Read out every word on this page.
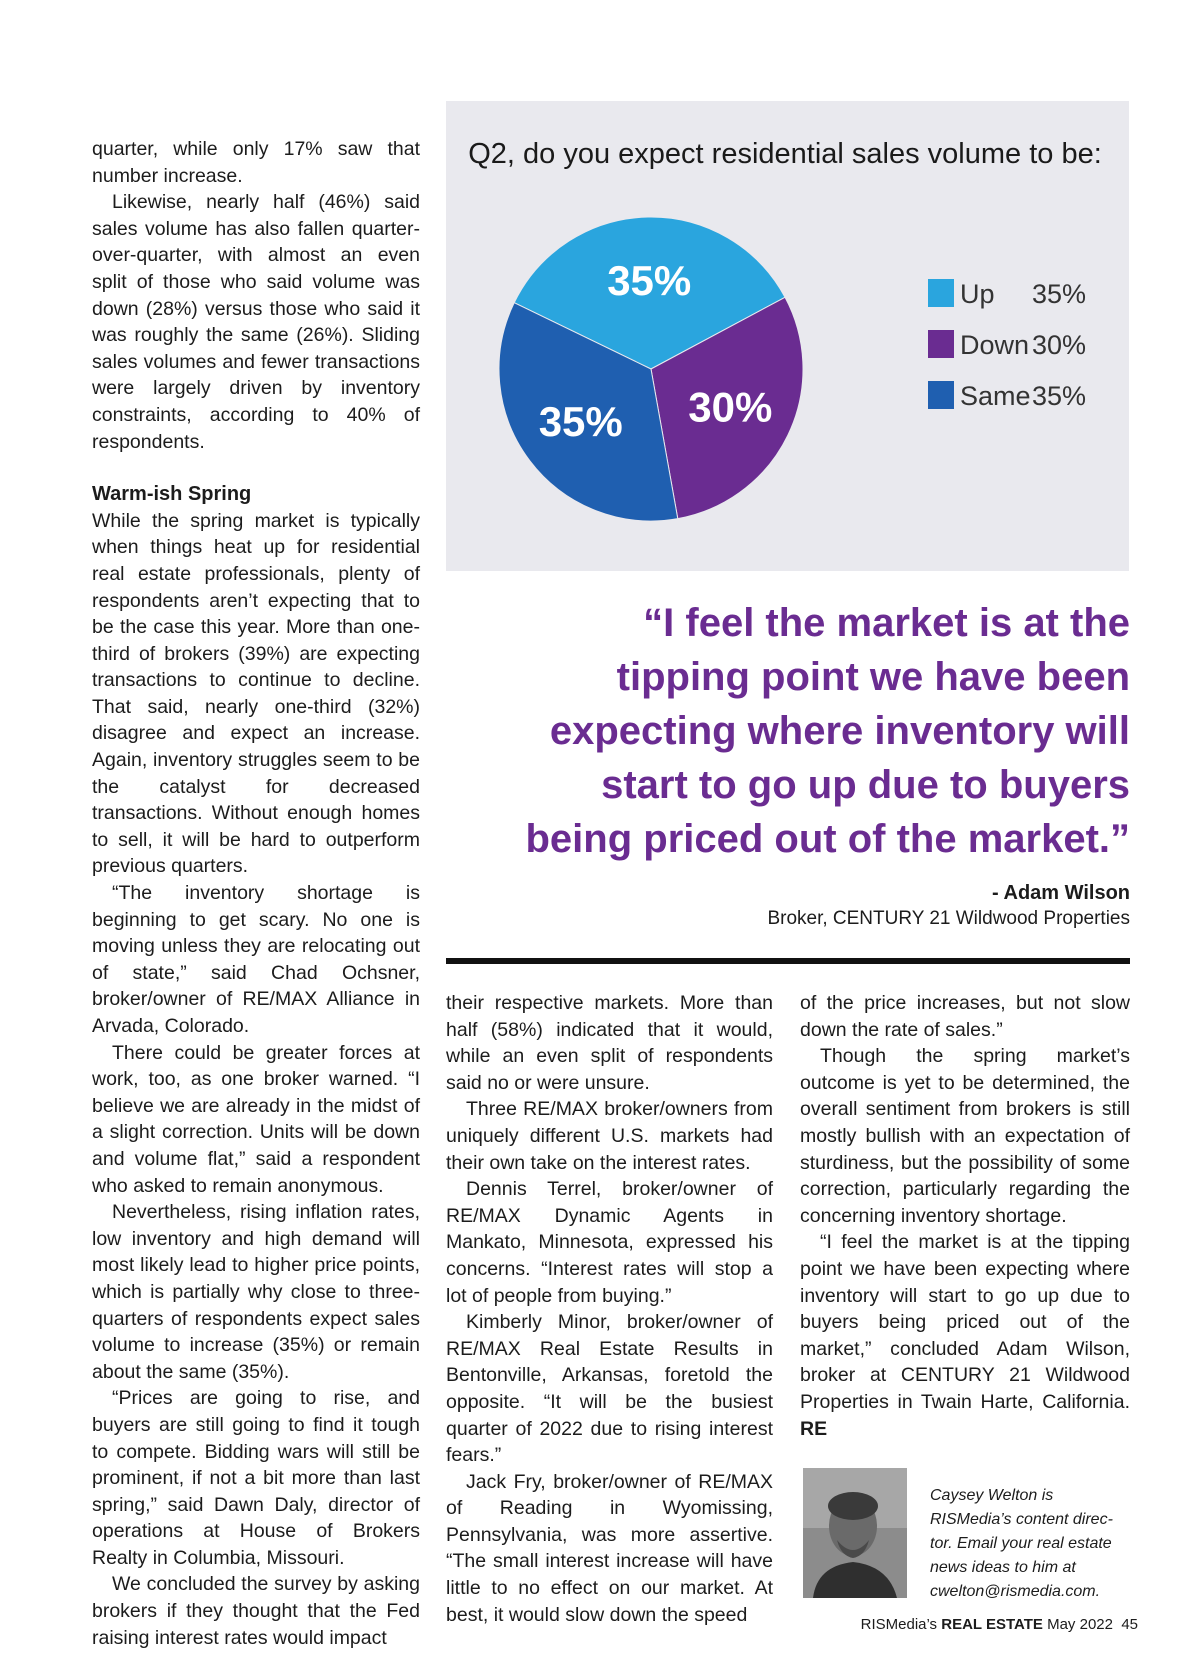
quarter, while only 17% saw that number increase.

Likewise, nearly half (46%) said sales volume has also fallen quarter-over-quarter, with almost an even split of those who said volume was down (28%) versus those who said it was roughly the same (26%). Sliding sales volumes and fewer transactions were largely driven by inventory constraints, according to 40% of respondents.

Warm-ish Spring

While the spring market is typically when things heat up for residential real estate professionals, plenty of respondents aren’t expecting that to be the case this year. More than one-third of brokers (39%) are expecting transactions to continue to decline. That said, nearly one-third (32%) disagree and expect an increase. Again, inventory struggles seem to be the catalyst for decreased transactions. Without enough homes to sell, it will be hard to outperform previous quarters.

“The inventory shortage is beginning to get scary. No one is moving unless they are relocating out of state,” said Chad Ochsner, broker/owner of RE/MAX Alliance in Arvada, Colorado.

There could be greater forces at work, too, as one broker warned. “I believe we are already in the midst of a slight correction. Units will be down and volume flat,” said a respondent who asked to remain anonymous.

Nevertheless, rising inflation rates, low inventory and high demand will most likely lead to higher price points, which is partially why close to three-quarters of respondents expect sales volume to increase (35%) or remain about the same (35%).

“Prices are going to rise, and buyers are still going to find it tough to compete. Bidding wars will still be prominent, if not a bit more than last spring,” said Dawn Daly, director of operations at House of Brokers Realty in Columbia, Missouri.

We concluded the survey by asking brokers if they thought that the Fed raising interest rates would impact

Q2, do you expect residential sales volume to be:
35%
30%
35%
Up 35%
Down 30%
Same 35%
“I feel the market is at the
tipping point we have been
expecting where inventory will
start to go up due to buyers
being priced out of the market.”
- Adam Wilson
Broker, CENTURY 21 Wildwood Properties

their respective markets. More than half (58%) indicated that it would, while an even split of respondents said no or were unsure.

Three RE/MAX broker/owners from uniquely different U.S. markets had their own take on the interest rates.

Dennis Terrel, broker/owner of RE/MAX Dynamic Agents in Mankato, Minnesota, expressed his concerns. “Interest rates will stop a lot of people from buying.”

Kimberly Minor, broker/owner of RE/MAX Real Estate Results in Bentonville, Arkansas, foretold the opposite. “It will be the busiest quarter of 2022 due to rising interest fears.”

Jack Fry, broker/owner of RE/MAX of Reading in Wyomissing, Pennsylvania, was more assertive. “The small interest increase will have little to no effect on our market. At best, it would slow down the speed

of the price increases, but not slow down the rate of sales.”

Though the spring market’s outcome is yet to be determined, the overall sentiment from brokers is still mostly bullish with an expectation of sturdiness, but the possibility of some correction, particularly regarding the concerning inventory shortage.

“I feel the market is at the tipping point we have been expecting where inventory will start to go up due to buyers being priced out of the market,” concluded Adam Wilson, broker at CENTURY 21 Wildwood Properties in Twain Harte, California. RE

Caysey Welton is
RISMedia’s content direc-
tor. Email your real estate
news ideas to him at
cwelton@rismedia.com.
RISMedia’s REAL ESTATE May 2022 45
